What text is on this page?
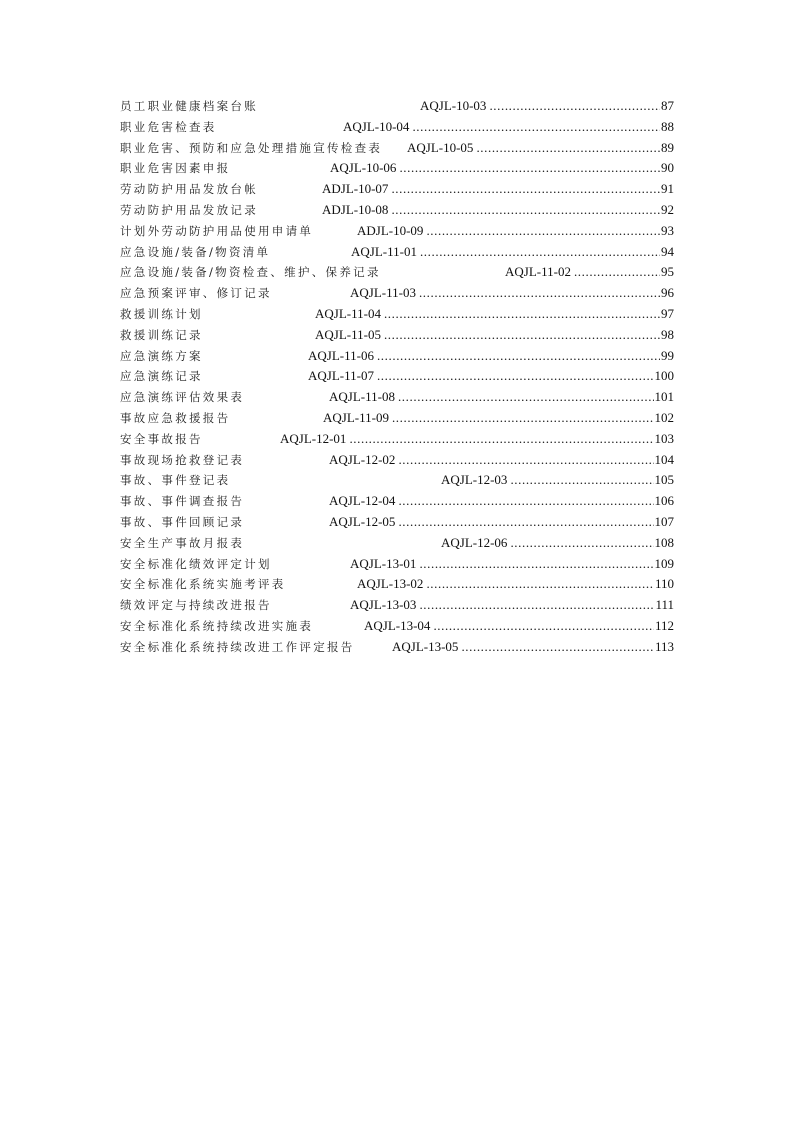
员工职业健康档案台账	AQJL-10-03 .....	87
职业危害检查表	AQJL-10-04 .....	88
职业危害、预防和应急处理措施宣传检查表 AQJL-10-05 .....	89
职业危害因素申报	AQJL-10-06 .....	90
劳动防护用品发放台帐	ADJL-10-07 .....	91
劳动防护用品发放记录	ADJL-10-08 .....	92
计划外劳动防护用品使用申请单	ADJL-10-09 .....	93
应急设施/装备/物资清单	AQJL-11-01 .....	94
应急设施/装备/物资检查、维护、保养记录	AQJL-11-02 .....	95
应急预案评审、修订记录	AQJL-11-03 .....	96
救援训练计划	AQJL-11-04 .....	97
救援训练记录	AQJL-11-05 .....	98
应急演练方案	AQJL-11-06 .....	99
应急演练记录	AQJL-11-07 .....	100
应急演练评估效果表	AQJL-11-08 .....	101
事故应急救援报告	AQJL-11-09 .....	102
安全事故报告	AQJL-12-01 .....	103
事故现场抢救登记表	AQJL-12-02 .....	104
事故、事件登记表	AQJL-12-03 .....	105
事故、事件调查报告	AQJL-12-04 .....	106
事故、事件回顾记录	AQJL-12-05 .....	107
安全生产事故月报表	AQJL-12-06 .....	108
安全标准化绩效评定计划	AQJL-13-01 .....	109
安全标准化系统实施考评表	AQJL-13-02 .....	110
绩效评定与持续改进报告	AQJL-13-03 .....	111
安全标准化系统持续改进实施表	AQJL-13-04 .....	112
安全标准化系统持续改进工作评定报告	AQJL-13-05 .....	113
